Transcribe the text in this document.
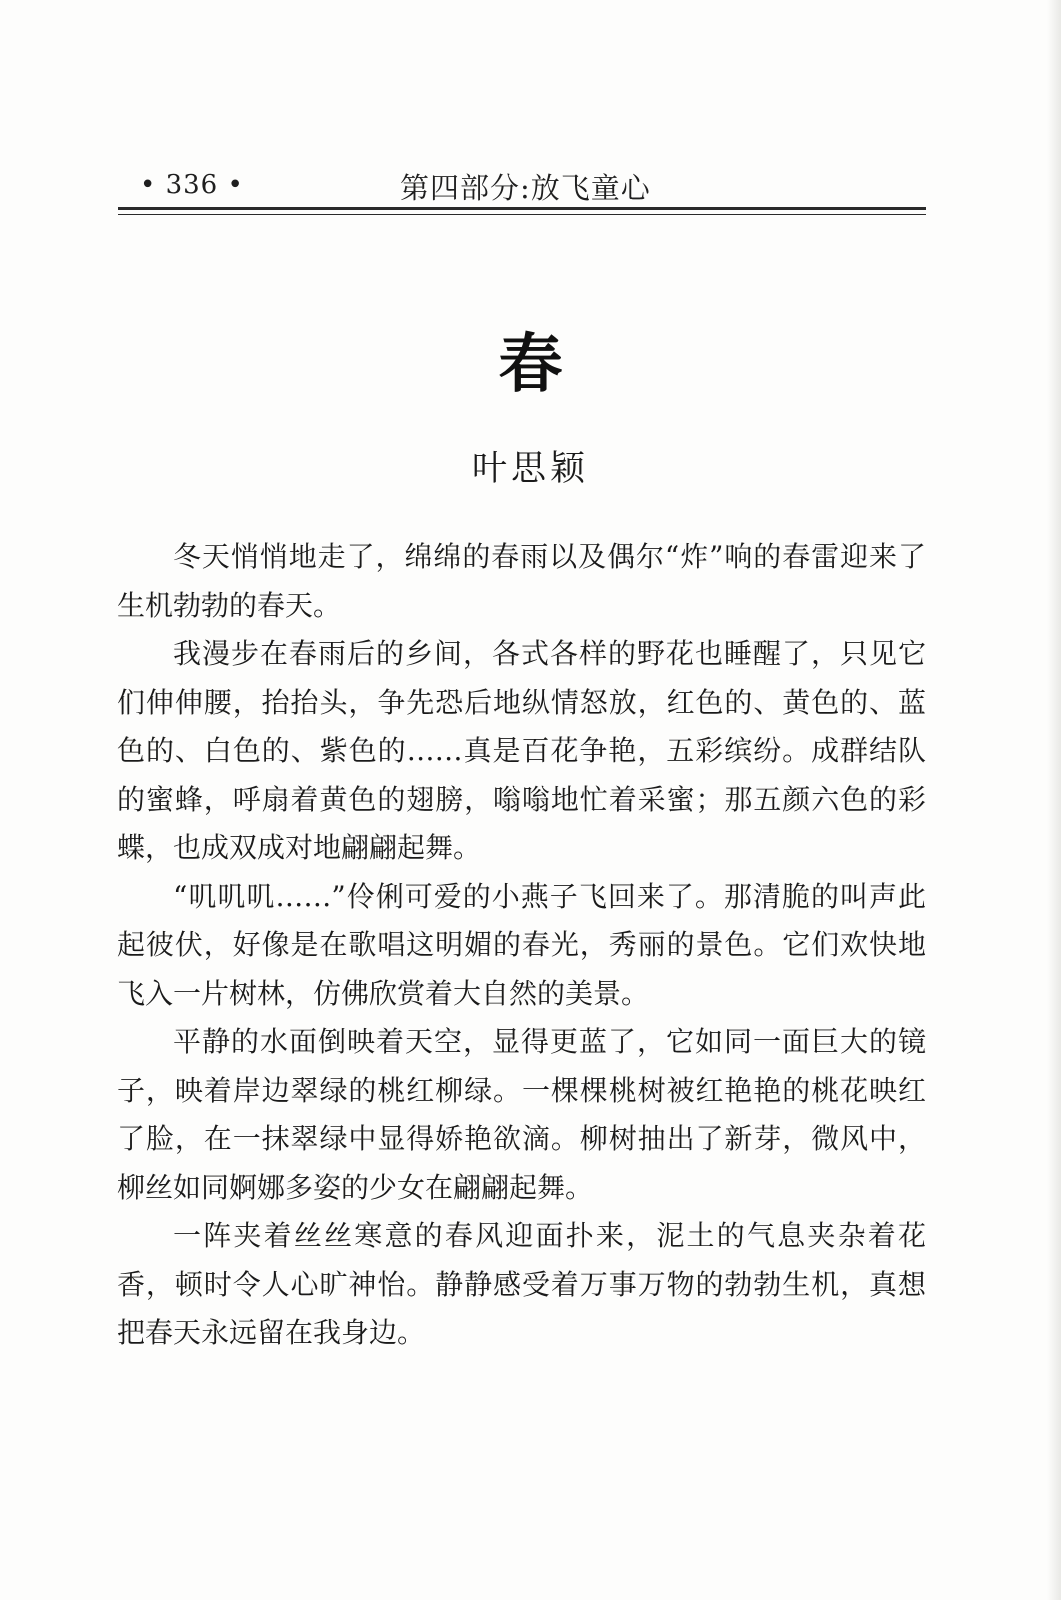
• 336 •	第四部分:放飞童心
春
叶思颖

冬天悄悄地走了，绵绵的春雨以及偶尔“炸”响的春雷迎来了生机勃勃的春天。

我漫步在春雨后的乡间，各式各样的野花也睡醒了，只见它们伸伸腰，抬抬头，争先恐后地纵情怒放，红色的、黄色的、蓝色的、白色的、紫色的……真是百花争艳，五彩缤纷。成群结队的蜜蜂，呼扇着黄色的翅膀，嗡嗡地忙着采蜜；那五颜六色的彩蝶，也成双成对地翩翩起舞。

“叽叽叽……”伶俐可爱的小燕子飞回来了。那清脆的叫声此起彼伏，好像是在歌唱这明媚的春光，秀丽的景色。它们欢快地飞入一片树林，仿佛欣赏着大自然的美景。

平静的水面倒映着天空，显得更蓝了，它如同一面巨大的镜子，映着岸边翠绿的桃红柳绿。一棵棵桃树被红艳艳的桃花映红了脸，在一抹翠绿中显得娇艳欲滴。柳树抽出了新芽，微风中，柳丝如同婀娜多姿的少女在翩翩起舞。

一阵夹着丝丝寒意的春风迎面扑来，泥土的气息夹杂着花香，顿时令人心旷神怡。静静感受着万事万物的勃勃生机，真想把春天永远留在我身边。
